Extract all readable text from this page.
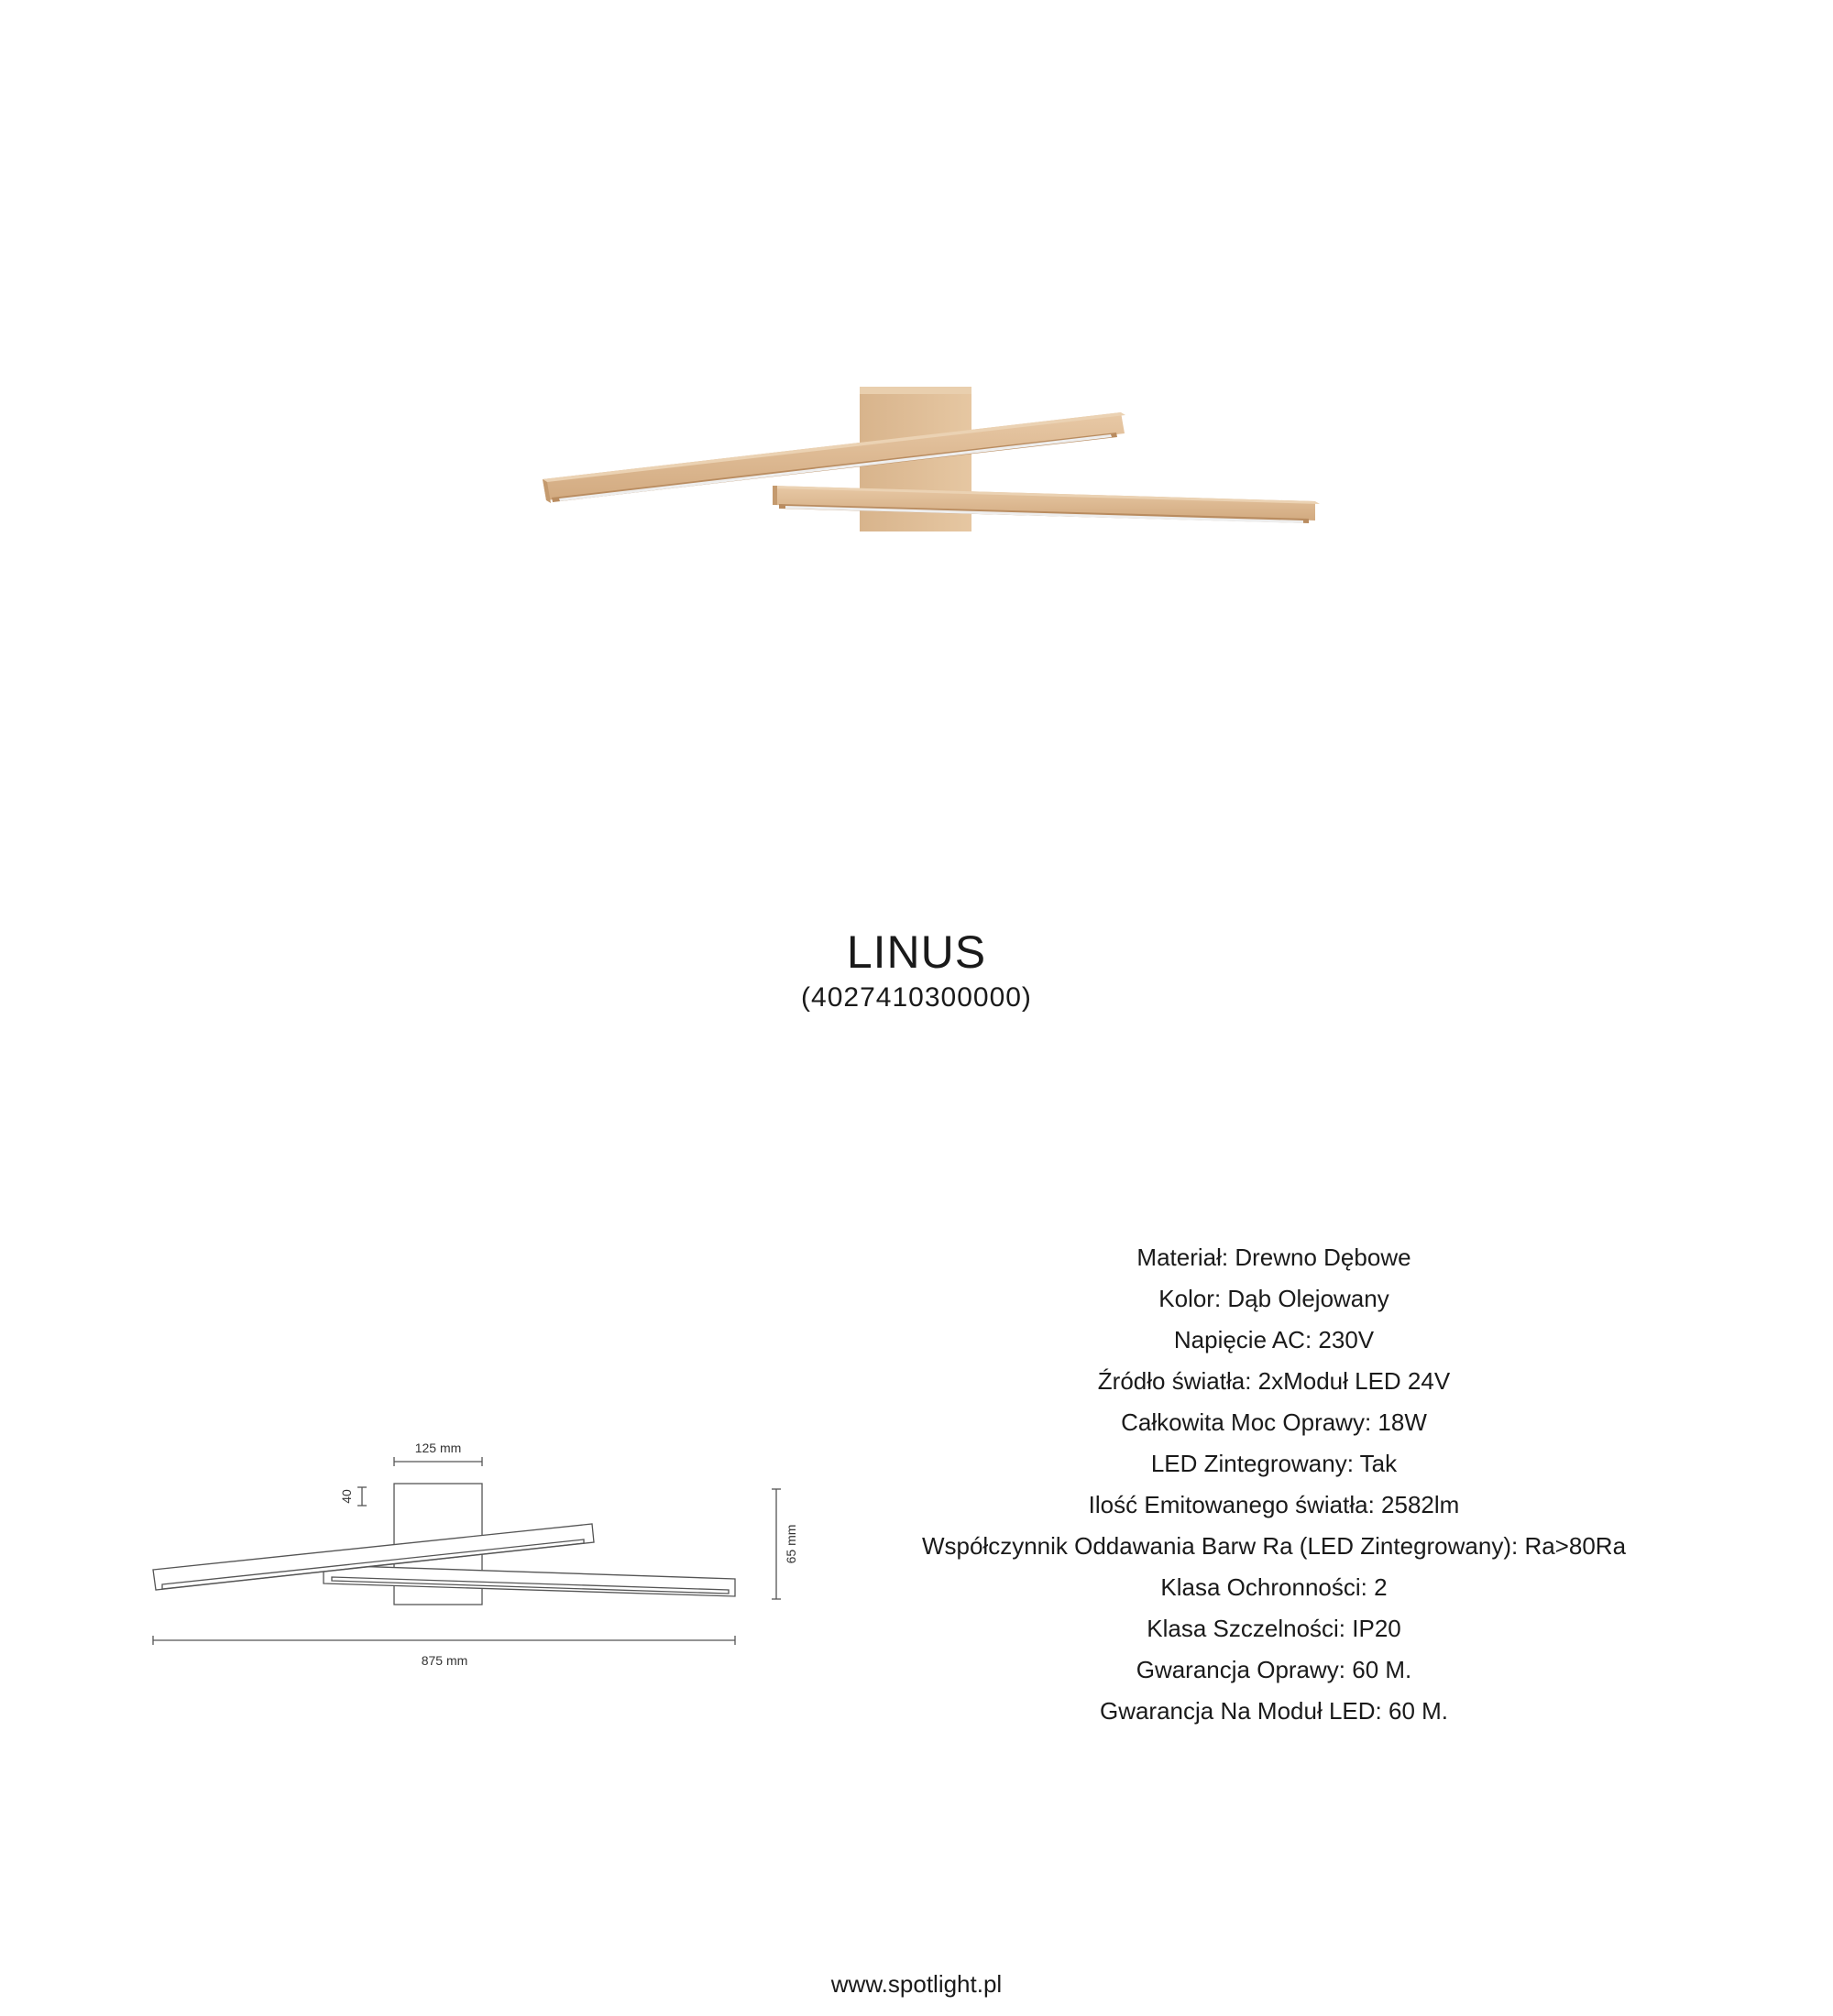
LINUS
(4027410300000)
125 mm
40
65 mm
875 mm
Materiał: Drewno Dębowe
Kolor: Dąb Olejowany
Napięcie AC: 230V
Źródło światła: 2xModuł LED 24V
Całkowita Moc Oprawy: 18W
LED Zintegrowany: Tak
Ilość Emitowanego światła: 2582lm
Współczynnik Oddawania Barw Ra (LED Zintegrowany): Ra>80Ra
Klasa Ochronności: 2
Klasa Szczelności: IP20
Gwarancja Oprawy: 60 M.
Gwarancja Na Moduł LED: 60 M.
www.spotlight.pl
